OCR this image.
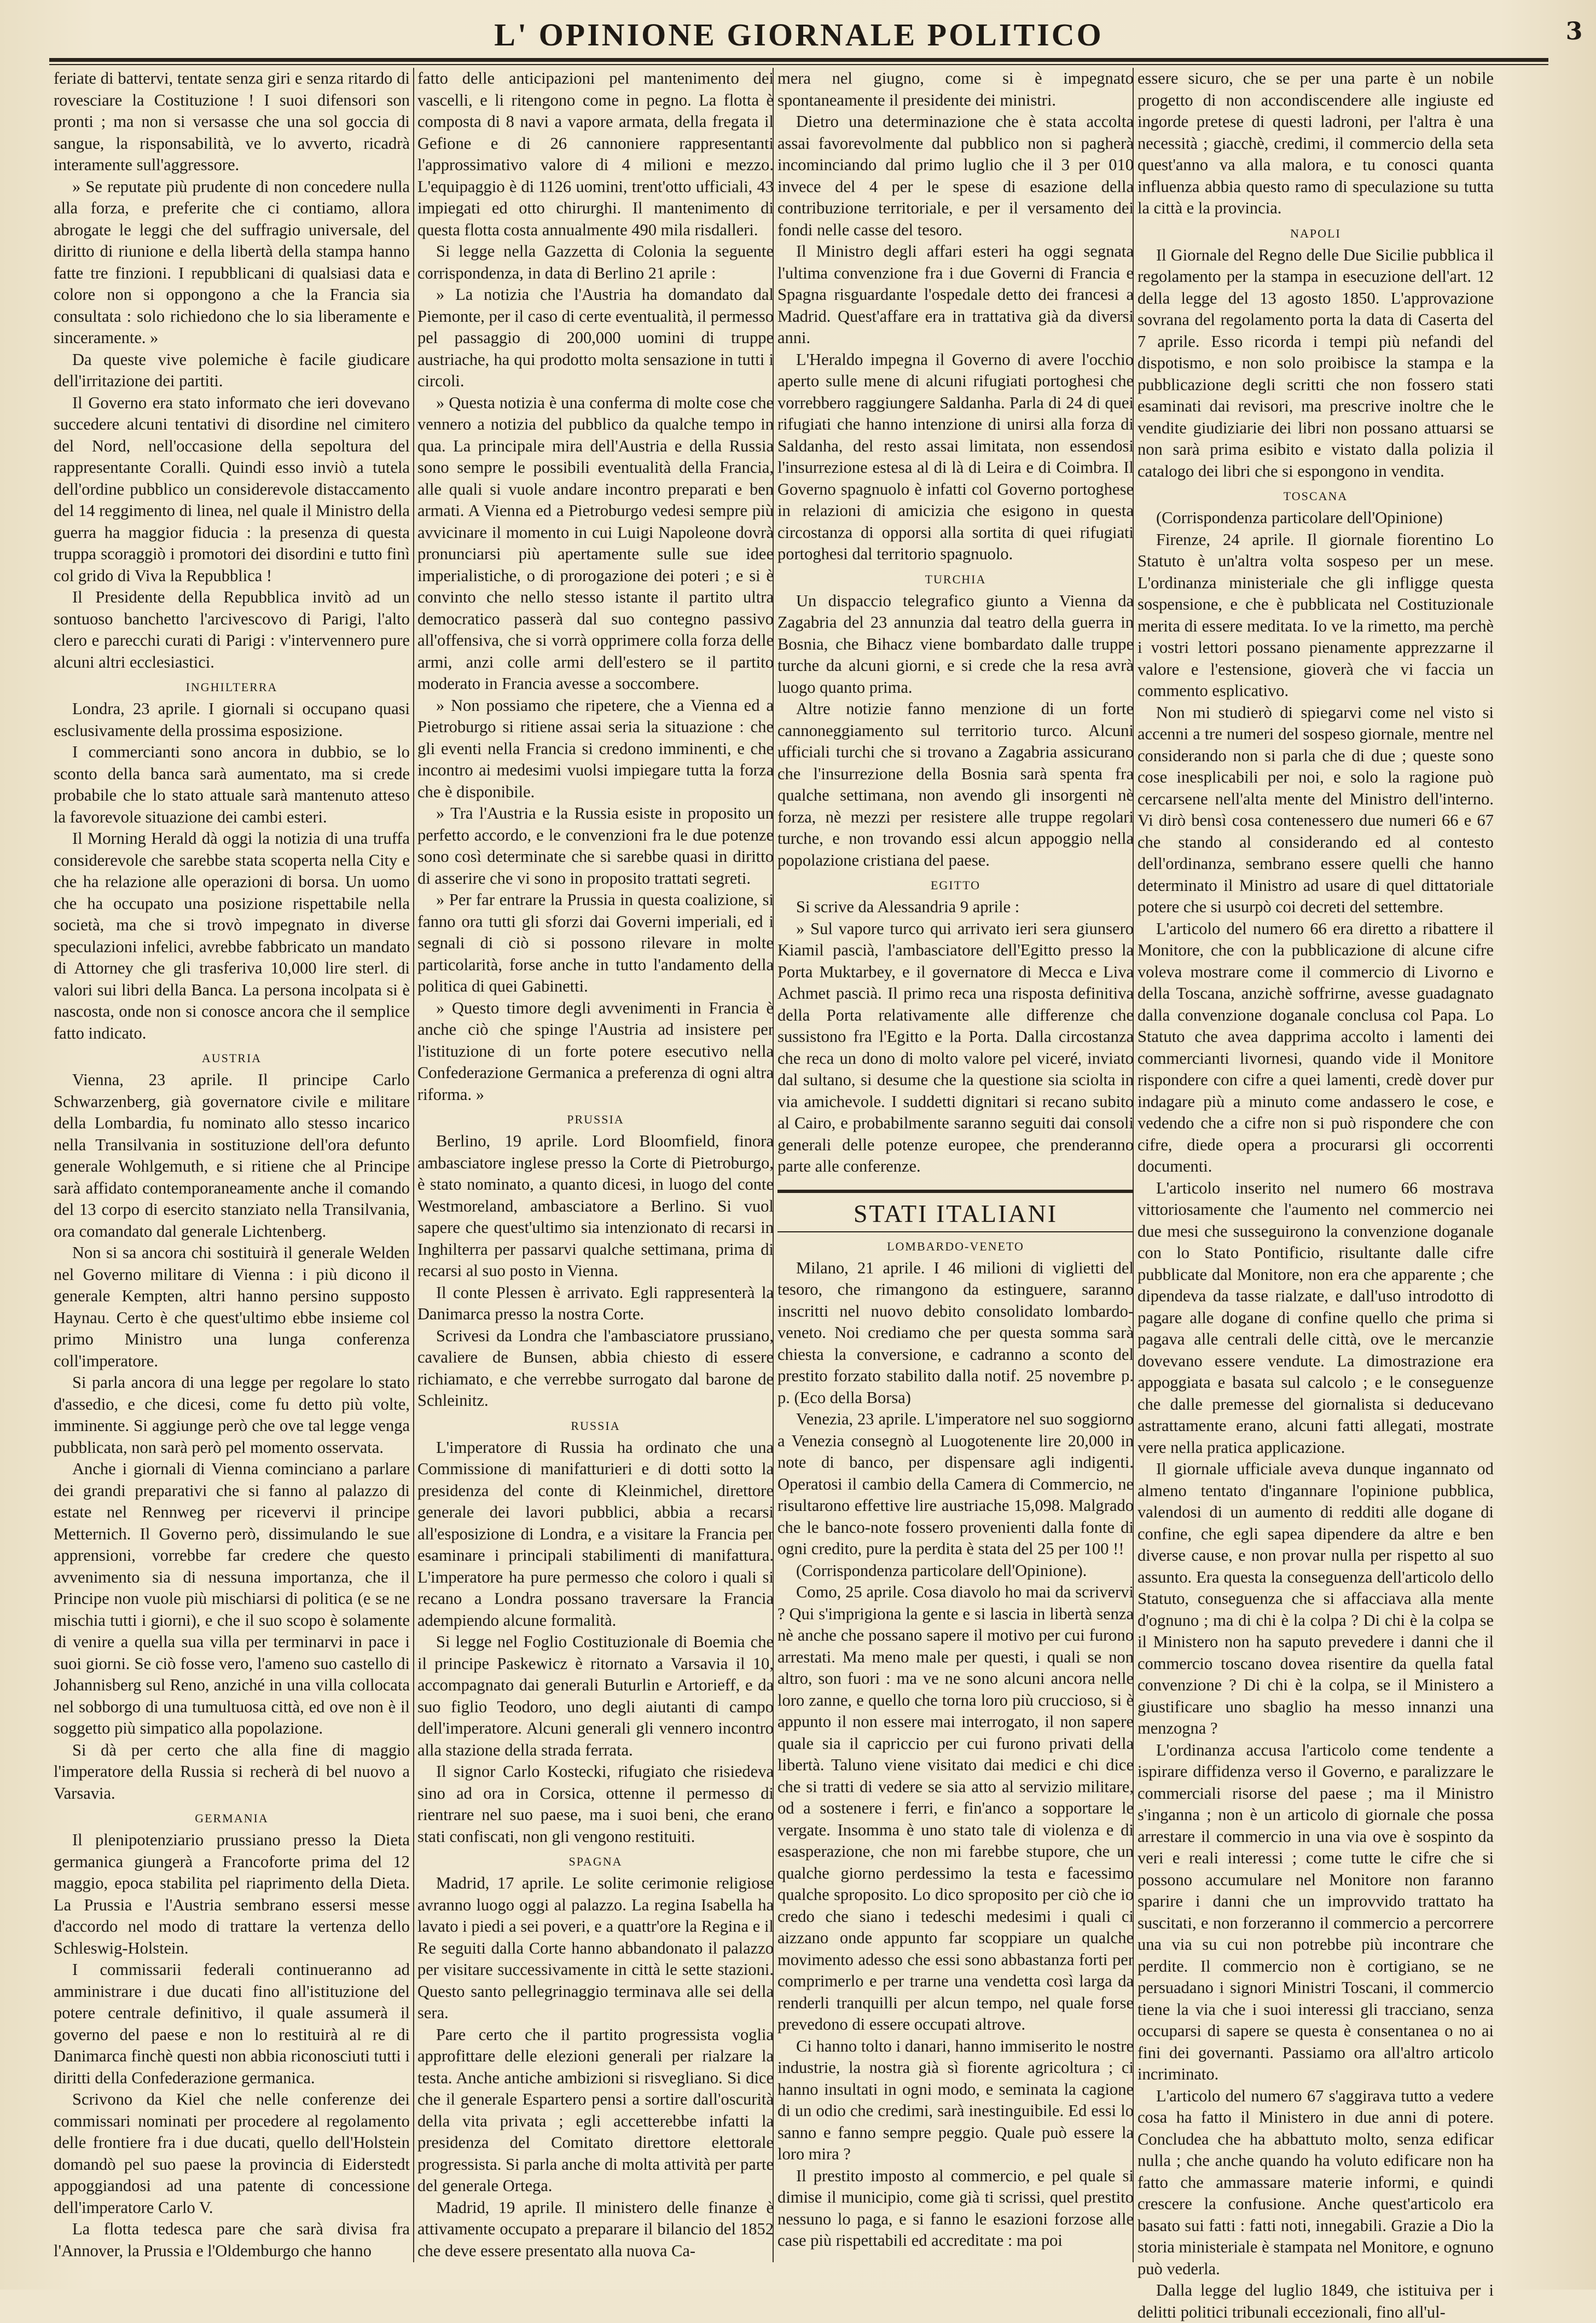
L' OPINIONE GIORNALE POLITICO	3

feriate di battervi, tentate senza giri e senza ritardo di rovesciare la Costituzione ! I suoi difensori son pronti ; ma non si versasse che una sol goccia di sangue, la risponsabilità, ve lo avverto, ricadrà interamente sull'aggressore.

» Se reputate più prudente di non concedere nulla alla forza, e preferite che ci contiamo, allora abrogate le leggi che del suffragio universale, del diritto di riunione e della libertà della stampa hanno fatte tre finzioni. I repubblicani di qualsiasi data e colore non si oppongono a che la Francia sia consultata : solo richiedono che lo sia liberamente e sinceramente. »

Da queste vive polemiche è facile giudicare dell'irritazione dei partiti.

Il Governo era stato informato che ieri dovevano succedere alcuni tentativi di disordine nel cimitero del Nord, nell'occasione della sepoltura del rappresentante Coralli. Quindi esso inviò a tutela dell'ordine pubblico un considerevole distaccamento del 14 reggimento di linea, nel quale il Ministro della guerra ha maggior fiducia : la presenza di questa truppa scoraggiò i promotori dei disordini e tutto finì col grido di Viva la Repubblica !

Il Presidente della Repubblica invitò ad un sontuoso banchetto l'arcivescovo di Parigi, l'alto clero e parecchi curati di Parigi : v'intervennero pure alcuni altri ecclesiastici.

INGHILTERRA

Londra, 23 aprile. I giornali si occupano quasi esclusivamente della prossima esposizione.

I commercianti sono ancora in dubbio, se lo sconto della banca sarà aumentato, ma si crede probabile che lo stato attuale sarà mantenuto atteso la favorevole situazione dei cambi esteri.

Il Morning Herald dà oggi la notizia di una truffa considerevole che sarebbe stata scoperta nella City e che ha relazione alle operazioni di borsa. Un uomo che ha occupato una posizione rispettabile nella società, ma che si trovò impegnato in diverse speculazioni infelici, avrebbe fabbricato un mandato di Attorney che gli trasferiva 10,000 lire sterl. di valori sui libri della Banca. La persona incolpata si è nascosta, onde non si conosce ancora che il semplice fatto indicato.

AUSTRIA

Vienna, 23 aprile. Il principe Carlo Schwarzenberg, già governatore civile e militare della Lombardia, fu nominato allo stesso incarico nella Transilvania in sostituzione dell'ora defunto generale Wohlgemuth, e si ritiene che al Principe sarà affidato contemporaneamente anche il comando del 13 corpo di esercito stanziato nella Transilvania, ora comandato dal generale Lichtenberg.

Non si sa ancora chi sostituirà il generale Welden nel Governo militare di Vienna : i più dicono il generale Kempten, altri hanno persino supposto Haynau. Certo è che quest'ultimo ebbe insieme col primo Ministro una lunga conferenza coll'imperatore.

Si parla ancora di una legge per regolare lo stato d'assedio, e che dicesi, come fu detto più volte, imminente. Si aggiunge però che ove tal legge venga pubblicata, non sarà però pel momento osservata.

Anche i giornali di Vienna cominciano a parlare dei grandi preparativi che si fanno al palazzo di estate nel Rennweg per ricevervi il principe Metternich. Il Governo però, dissimulando le sue apprensioni, vorrebbe far credere che questo avvenimento sia di nessuna importanza, che il Principe non vuole più mischiarsi di politica (e se ne mischia tutti i giorni), e che il suo scopo è solamente di venire a quella sua villa per terminarvi in pace i suoi giorni. Se ciò fosse vero, l'ameno suo castello di Johannisberg sul Reno, anziché in una villa collocata nel sobborgo di una tumultuosa città, ed ove non è il soggetto più simpatico alla popolazione.

Si dà per certo che alla fine di maggio l'imperatore della Russia si recherà di bel nuovo a Varsavia.

GERMANIA

Il plenipotenziario prussiano presso la Dieta germanica giungerà a Francoforte prima del 12 maggio, epoca stabilita pel riaprimento della Dieta. La Prussia e l'Austria sembrano essersi messe d'accordo nel modo di trattare la vertenza dello Schleswig-Holstein.

I commissarii federali continueranno ad amministrare i due ducati fino all'istituzione del potere centrale definitivo, il quale assumerà il governo del paese e non lo restituirà al re di Danimarca finchè questi non abbia riconosciuti tutti i diritti della Confederazione germanica.

Scrivono da Kiel che nelle conferenze dei commissari nominati per procedere al regolamento delle frontiere fra i due ducati, quello dell'Holstein domandò pel suo paese la provincia di Eiderstedt appoggiandosi ad una patente di concessione dell'imperatore Carlo V.

La flotta tedesca pare che sarà divisa fra l'Annover, la Prussia e l'Oldemburgo che hanno

fatto delle anticipazioni pel mantenimento dei vascelli, e li ritengono come in pegno. La flotta è composta di 8 navi a vapore armata, della fregata il Gefione e di 26 cannoniere rappresentanti l'approssimativo valore di 4 milioni e mezzo. L'equipaggio è di 1126 uomini, trent'otto ufficiali, 43 impiegati ed otto chirurghi. Il mantenimento di questa flotta costa annualmente 490 mila risdalleri.

Si legge nella Gazzetta di Colonia la seguente corrispondenza, in data di Berlino 21 aprile :

» La notizia che l'Austria ha domandato dal Piemonte, per il caso di certe eventualità, il permesso pel passaggio di 200,000 uomini di truppe austriache, ha qui prodotto molta sensazione in tutti i circoli.

» Questa notizia è una conferma di molte cose che vennero a notizia del pubblico da qualche tempo in qua. La principale mira dell'Austria e della Russia sono sempre le possibili eventualità della Francia, alle quali si vuole andare incontro preparati e ben armati. A Vienna ed a Pietroburgo vedesi sempre più avvicinare il momento in cui Luigi Napoleone dovrà pronunciarsi più apertamente sulle sue idee imperialistiche, o di prorogazione dei poteri ; e si è convinto che nello stesso istante il partito ultra democratico passerà dal suo contegno passivo all'offensiva, che si vorrà opprimere colla forza delle armi, anzi colle armi dell'estero se il partito moderato in Francia avesse a soccombere.

» Non possiamo che ripetere, che a Vienna ed a Pietroburgo si ritiene assai seria la situazione : che gli eventi nella Francia si credono imminenti, e che incontro ai medesimi vuolsi impiegare tutta la forza che è disponibile.

» Tra l'Austria e la Russia esiste in proposito un perfetto accordo, e le convenzioni fra le due potenze sono così determinate che si sarebbe quasi in diritto di asserire che vi sono in proposito trattati segreti.

» Per far entrare la Prussia in questa coalizione, si fanno ora tutti gli sforzi dai Governi imperiali, ed i segnali di ciò si possono rilevare in molte particolarità, forse anche in tutto l'andamento della politica di quei Gabinetti.

» Questo timore degli avvenimenti in Francia è anche ciò che spinge l'Austria ad insistere per l'istituzione di un forte potere esecutivo nella Confederazione Germanica a preferenza di ogni altra riforma. »

PRUSSIA

Berlino, 19 aprile. Lord Bloomfield, finora ambasciatore inglese presso la Corte di Pietroburgo, è stato nominato, a quanto dicesi, in luogo del conte Westmoreland, ambasciatore a Berlino. Si vuol sapere che quest'ultimo sia intenzionato di recarsi in Inghilterra per passarvi qualche settimana, prima di recarsi al suo posto in Vienna.

Il conte Plessen è arrivato. Egli rappresenterà la Danimarca presso la nostra Corte.

Scrivesi da Londra che l'ambasciatore prussiano, cavaliere de Bunsen, abbia chiesto di essere richiamato, e che verrebbe surrogato dal barone de Schleinitz.

RUSSIA

L'imperatore di Russia ha ordinato che una Commissione di manifatturieri e di dotti sotto la presidenza del conte di Kleinmichel, direttore generale dei lavori pubblici, abbia a recarsi all'esposizione di Londra, e a visitare la Francia per esaminare i principali stabilimenti di manifattura. L'imperatore ha pure permesso che coloro i quali si recano a Londra possano traversare la Francia adempiendo alcune formalità.

Si legge nel Foglio Costituzionale di Boemia che il principe Paskewicz è ritornato a Varsavia il 10, accompagnato dai generali Buturlin e Artorieff, e da suo figlio Teodoro, uno degli aiutanti di campo dell'imperatore. Alcuni generali gli vennero incontro alla stazione della strada ferrata.

Il signor Carlo Kostecki, rifugiato che risiedeva sino ad ora in Corsica, ottenne il permesso di rientrare nel suo paese, ma i suoi beni, che erano stati confiscati, non gli vengono restituiti.

SPAGNA

Madrid, 17 aprile. Le solite cerimonie religiose avranno luogo oggi al palazzo. La regina Isabella ha lavato i piedi a sei poveri, e a quattr'ore la Regina e il Re seguiti dalla Corte hanno abbandonato il palazzo per visitare successivamente in città le sette stazioni. Questo santo pellegrinaggio terminava alle sei della sera.

Pare certo che il partito progressista voglia approfittare delle elezioni generali per rialzare la testa. Anche antiche ambizioni si risvegliano. Si dice che il generale Espartero pensi a sortire dall'oscurità della vita privata ; egli accetterebbe infatti la presidenza del Comitato direttore elettorale progressista. Si parla anche di molta attività per parte del generale Ortega.

Madrid, 19 aprile. Il ministero delle finanze è attivamente occupato a preparare il bilancio del 1852 che deve essere presentato alla nuova Ca-

mera nel giugno, come si è impegnato spontaneamente il presidente dei ministri.

Dietro una determinazione che è stata accolta assai favorevolmente dal pubblico non si pagherà incominciando dal primo luglio che il 3 per 010 invece del 4 per le spese di esazione della contribuzione territoriale, e per il versamento dei fondi nelle casse del tesoro.

Il Ministro degli affari esteri ha oggi segnata l'ultima convenzione fra i due Governi di Francia e Spagna risguardante l'ospedale detto dei francesi a Madrid. Quest'affare era in trattativa già da diversi anni.

L'Heraldo impegna il Governo di avere l'occhio aperto sulle mene di alcuni rifugiati portoghesi che vorrebbero raggiungere Saldanha. Parla di 24 di quei rifugiati che hanno intenzione di unirsi alla forza di Saldanha, del resto assai limitata, non essendosi l'insurrezione estesa al di là di Leira e di Coimbra. Il Governo spagnuolo è infatti col Governo portoghese in relazioni di amicizia che esigono in questa circostanza di opporsi alla sortita di quei rifugiati portoghesi dal territorio spagnuolo.

TURCHIA

Un dispaccio telegrafico giunto a Vienna da Zagabria del 23 annunzia dal teatro della guerra in Bosnia, che Bihacz viene bombardato dalle truppe turche da alcuni giorni, e si crede che la resa avrà luogo quanto prima.

Altre notizie fanno menzione di un forte cannoneggiamento sul territorio turco. Alcuni ufficiali turchi che si trovano a Zagabria assicurano che l'insurrezione della Bosnia sarà spenta fra qualche settimana, non avendo gli insorgenti nè forza, nè mezzi per resistere alle truppe regolari turche, e non trovando essi alcun appoggio nella popolazione cristiana del paese.

EGITTO

Si scrive da Alessandria 9 aprile :

» Sul vapore turco qui arrivato ieri sera giunsero Kiamil pascià, l'ambasciatore dell'Egitto presso la Porta Muktarbey, e il governatore di Mecca e Liva Achmet pascià. Il primo reca una risposta definitiva della Porta relativamente alle differenze che sussistono fra l'Egitto e la Porta. Dalla circostanza che reca un dono di molto valore pel viceré, inviato dal sultano, si desume che la questione sia sciolta in via amichevole. I suddetti dignitari si recano subito al Cairo, e probabilmente saranno seguiti dai consoli generali delle potenze europee, che prenderanno parte alle conferenze.

STATI ITALIANI
LOMBARDO-VENETO

Milano, 21 aprile. I 46 milioni di viglietti del tesoro, che rimangono da estinguere, saranno inscritti nel nuovo debito consolidato lombardo-veneto. Noi crediamo che per questa somma sarà chiesta la conversione, e cadranno a sconto del prestito forzato stabilito dalla notif. 25 novembre p. p. (Eco della Borsa)

Venezia, 23 aprile. L'imperatore nel suo soggiorno a Venezia consegnò al Luogotenente lire 20,000 in note di banco, per dispensare agli indigenti. Operatosi il cambio della Camera di Commercio, ne risultarono effettive lire austriache 15,098. Malgrado che le banco-note fossero provenienti dalla fonte di ogni credito, pure la perdita è stata del 25 per 100 !!

(Corrispondenza particolare dell'Opinione).

Como, 25 aprile. Cosa diavolo ho mai da scrivervi ? Qui s'imprigiona la gente e si lascia in libertà senza nè anche che possano sapere il motivo per cui furono arrestati. Ma meno male per questi, i quali se non altro, son fuori : ma ve ne sono alcuni ancora nelle loro zanne, e quello che torna loro più cruccioso, si è appunto il non essere mai interrogato, il non sapere quale sia il capriccio per cui furono privati della libertà. Taluno viene visitato dai medici e chi dice che si tratti di vedere se sia atto al servizio militare, od a sostenere i ferri, e fin'anco a sopportare le vergate. Insomma è uno stato tale di violenza e di esasperazione, che non mi farebbe stupore, che un qualche giorno perdessimo la testa e facessimo qualche sproposito. Lo dico sproposito per ciò che io credo che siano i tedeschi medesimi i quali ci aizzano onde appunto far scoppiare un qualche movimento adesso che essi sono abbastanza forti per comprimerlo e per trarne una vendetta così larga da renderli tranquilli per alcun tempo, nel quale forse prevedono di essere occupati altrove.

Ci hanno tolto i danari, hanno immiserito le nostre industrie, la nostra già sì fiorente agricoltura ; ci hanno insultati in ogni modo, e seminata la cagione di un odio che credimi, sarà inestinguibile. Ed essi lo sanno e fanno sempre peggio. Quale può essere la loro mira ?

Il prestito imposto al commercio, e pel quale si dimise il municipio, come già ti scrissi, quel prestito nessuno lo paga, e si fanno le esazioni forzose alle case più rispettabili ed accreditate : ma poi

essere sicuro, che se per una parte è un nobile progetto di non accondiscendere alle ingiuste ed ingorde pretese di questi ladroni, per l'altra è una necessità ; giacchè, credimi, il commercio della seta quest'anno va alla malora, e tu conosci quanta influenza abbia questo ramo di speculazione su tutta la città e la provincia.

NAPOLI

Il Giornale del Regno delle Due Sicilie pubblica il regolamento per la stampa in esecuzione dell'art. 12 della legge del 13 agosto 1850. L'approvazione sovrana del regolamento porta la data di Caserta del 7 aprile. Esso ricorda i tempi più nefandi del dispotismo, e non solo proibisce la stampa e la pubblicazione degli scritti che non fossero stati esaminati dai revisori, ma prescrive inoltre che le vendite giudiziarie dei libri non possano attuarsi se non sarà prima esibito e vistato dalla polizia il catalogo dei libri che si espongono in vendita.

TOSCANA

(Corrispondenza particolare dell'Opinione)

Firenze, 24 aprile. Il giornale fiorentino Lo Statuto è un'altra volta sospeso per un mese. L'ordinanza ministeriale che gli infligge questa sospensione, e che è pubblicata nel Costituzionale merita di essere meditata. Io ve la rimetto, ma perchè i vostri lettori possano pienamente apprezzarne il valore e l'estensione, gioverà che vi faccia un commento esplicativo.

Non mi studierò di spiegarvi come nel visto si accenni a tre numeri del sospeso giornale, mentre nel considerando non si parla che di due ; queste sono cose inesplicabili per noi, e solo la ragione può cercarsene nell'alta mente del Ministro dell'interno. Vi dirò bensì cosa contenessero due numeri 66 e 67 che stando al considerando ed al contesto dell'ordinanza, sembrano essere quelli che hanno determinato il Ministro ad usare di quel dittatoriale potere che si usurpò coi decreti del settembre.

L'articolo del numero 66 era diretto a ribattere il Monitore, che con la pubblicazione di alcune cifre voleva mostrare come il commercio di Livorno e della Toscana, anzichè soffrirne, avesse guadagnato dalla convenzione doganale conclusa col Papa. Lo Statuto che avea dapprima accolto i lamenti dei commercianti livornesi, quando vide il Monitore rispondere con cifre a quei lamenti, credè dover pur indagare più a minuto come andassero le cose, e vedendo che a cifre non si può rispondere che con cifre, diede opera a procurarsi gli occorrenti documenti.

L'articolo inserito nel numero 66 mostrava vittoriosamente che l'aumento nel commercio nei due mesi che susseguirono la convenzione doganale con lo Stato Pontificio, risultante dalle cifre pubblicate dal Monitore, non era che apparente ; che dipendeva da tasse rialzate, e dall'uso introdotto di pagare alle dogane di confine quello che prima si pagava alle centrali delle città, ove le mercanzie dovevano essere vendute. La dimostrazione era appoggiata e basata sul calcolo ; e le conseguenze che dalle premesse del giornalista si deducevano astrattamente erano, alcuni fatti allegati, mostrate vere nella pratica applicazione.

Il giornale ufficiale aveva dunque ingannato od almeno tentato d'ingannare l'opinione pubblica, valendosi di un aumento di redditi alle dogane di confine, che egli sapea dipendere da altre e ben diverse cause, e non provar nulla per rispetto al suo assunto. Era questa la conseguenza dell'articolo dello Statuto, conseguenza che si affacciava alla mente d'ognuno ; ma di chi è la colpa ? Di chi è la colpa se il Ministero non ha saputo prevedere i danni che il commercio toscano dovea risentire da quella fatal convenzione ? Di chi è la colpa, se il Ministero a giustificare uno sbaglio ha messo innanzi una menzogna ?

L'ordinanza accusa l'articolo come tendente a ispirare diffidenza verso il Governo, e paralizzare le commerciali risorse del paese ; ma il Ministro s'inganna ; non è un articolo di giornale che possa arrestare il commercio in una via ove è sospinto da veri e reali interessi ; come tutte le cifre che si possono accumulare nel Monitore non faranno sparire i danni che un improvvido trattato ha suscitati, e non forzeranno il commercio a percorrere una via su cui non potrebbe più incontrare che perdite. Il commercio non è cortigiano, se ne persuadano i signori Ministri Toscani, il commercio tiene la via che i suoi interessi gli tracciano, senza occuparsi di sapere se questa è consentanea o no ai fini dei governanti. Passiamo ora all'altro articolo incriminato.

L'articolo del numero 67 s'aggirava tutto a vedere cosa ha fatto il Ministero in due anni di potere. Concludea che ha abbattuto molto, senza edificar nulla ; che anche quando ha voluto edificare non ha fatto che ammassare materie informi, e quindi crescere la confusione. Anche quest'articolo era basato sui fatti : fatti noti, innegabili. Grazie a Dio la storia ministeriale è stampata nel Monitore, e ognuno può vederla.

Dalla legge del luglio 1849, che istituiva per i delitti politici tribunali eccezionali, fino all'ul-
